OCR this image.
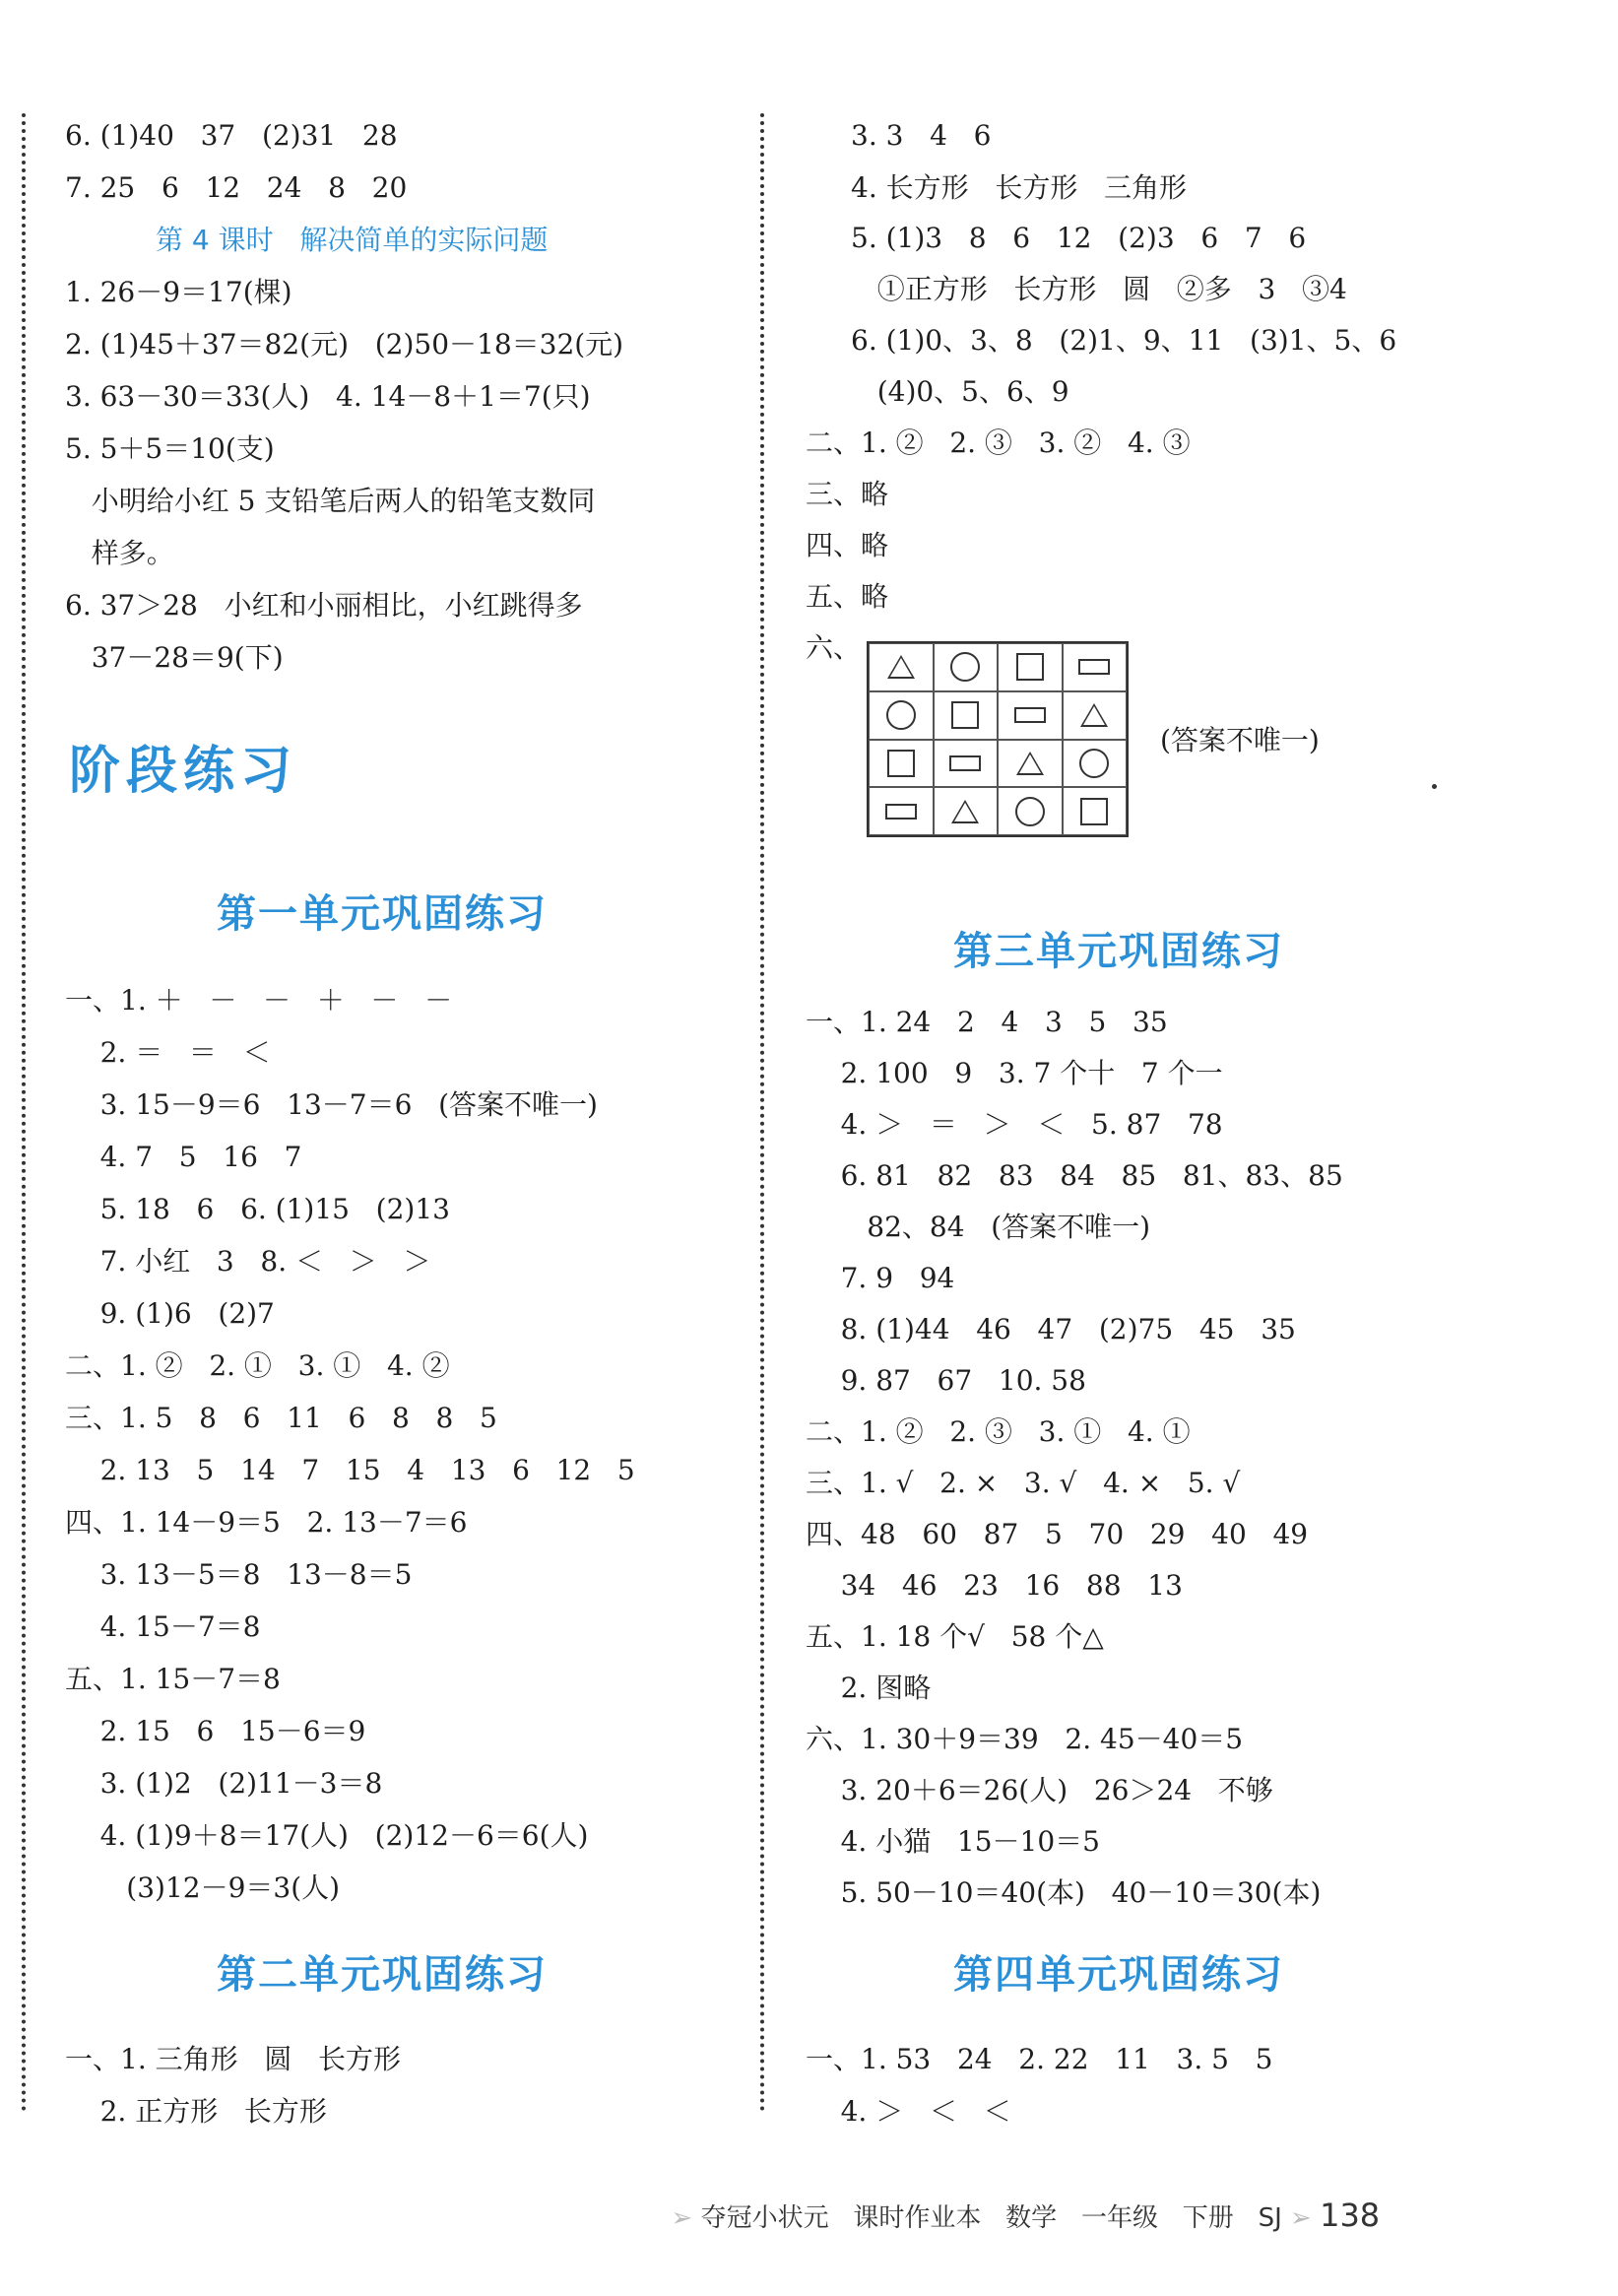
6. (1)40   37   (2)31   28
7. 25   6   12   24   8   20
第 4 课时   解决简单的实际问题
1. 26－9＝17(棵)
2. (1)45＋37＝82(元)   (2)50－18＝32(元)
3. 63－30＝33(人)   4. 14－8＋1＝7(只)
5. 5＋5＝10(支)
小明给小红 5 支铅笔后两人的铅笔支数同
样多。
6. 37＞28   小红和小丽相比，小红跳得多
37－28＝9(下)
阶段练习
第一单元巩固练习
一、1. ＋   －   －   ＋   －   －
2. ＝   ＝   ＜
3. 15－9＝6   13－7＝6   (答案不唯一)
4. 7   5   16   7
5. 18   6   6. (1)15   (2)13
7. 小红   3   8. ＜   ＞   ＞
9. (1)6   (2)7
二、1. ②   2. ①   3. ①   4. ②
三、1. 5   8   6   11   6   8   8   5
2. 13   5   14   7   15   4   13   6   12   5
四、1. 14－9＝5   2. 13－7＝6
3. 13－5＝8   13－8＝5
4. 15－7＝8
五、1. 15－7＝8
2. 15   6   15－6＝9
3. (1)2   (2)11－3＝8
4. (1)9＋8＝17(人)   (2)12－6＝6(人)
(3)12－9＝3(人)
第二单元巩固练习
一、1. 三角形   圆   长方形
2. 正方形   长方形
3. 3   4   6
4. 长方形   长方形   三角形
5. (1)3   8   6   12   (2)3   6   7   6
①正方形   长方形   圆   ②多   3   ③4
6. (1)0、3、8   (2)1、9、11   (3)1、5、6
(4)0、5、6、9
二、1. ②   2. ③   3. ②   4. ③
三、略
四、略
五、略
六、
(答案不唯一)
第三单元巩固练习
一、1. 24   2   4   3   5   35
2. 100   9   3. 7 个十   7 个一
4. ＞   ＝   ＞   ＜   5. 87   78
6. 81   82   83   84   85   81、83、85
82、84   (答案不唯一)
7. 9   94
8. (1)44   46   47   (2)75   45   35
9. 87   67   10. 58
二、1. ②   2. ③   3. ①   4. ①
三、1. √   2. ×   3. √   4. ×   5. √
四、48   60   87   5   70   29   40   49
34   46   23   16   88   13
五、1. 18 个√   58 个△
2. 图略
六、1. 30＋9＝39   2. 45－40＝5
3. 20＋6＝26(人)   26＞24   不够
4. 小猫   15－10＝5
5. 50－10＝40(本)   40－10＝30(本)
第四单元巩固练习
一、1. 53   24   2. 22   11   3. 5   5
4. ＞   ＜   ＜

➢ 夺冠小状元   课时作业本   数学   一年级   下册   SJ ➢ 138
